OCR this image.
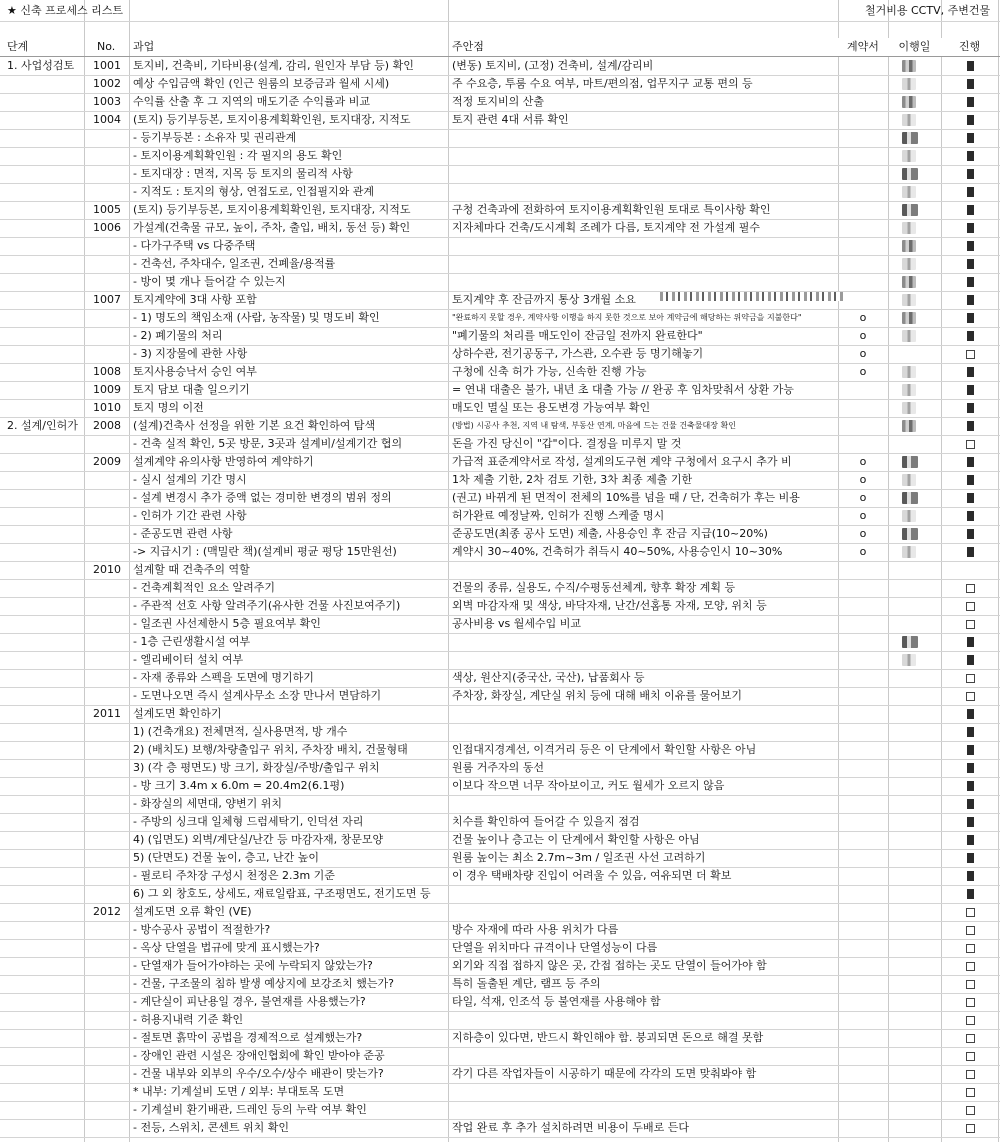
★ 신축 프로세스 리스트	철거비용 CCTV, 주변건물
단계	No.	과업	주안점	계약서	이행일	진행
1. 사업성검토	1001	토지비, 건축비, 기타비용(설계, 감리, 원인자 부담 등) 확인	(변동) 토지비, (고정) 건축비, 설계/감리비
1002	예상 수입금액 확인 (인근 원룸의 보증금과 월세 시세)	주 수요층, 투룸 수요 여부, 마트/편의점, 업무지구 교통 편의 등
1003	수익률 산출 후 그 지역의 매도기준 수익률과 비교	적정 토지비의 산출
1004	(토지) 등기부등본, 토지이용계획확인원, 토지대장, 지적도	토지 관련 4대 서류 확인
- 등기부등본 : 소유자 및 권리관계
- 토지이용계획확인원 : 각 필지의 용도 확인
- 토지대장 : 면적, 지목 등 토지의 물리적 사항
- 지적도 : 토지의 형상, 연접도로, 인접필지와 관계
1005	(토지) 등기부등본, 토지이용계획확인원, 토지대장, 지적도	구청 건축과에 전화하여 토지이용계획확인원 토대로 특이사항 확인
1006	가설계(건축물 규모, 높이, 주차, 출입, 배치, 동선 등) 확인	지자체마다 건축/도시계획 조례가 다름, 토지계약 전 가설계 필수
- 다가구주택 vs 다중주택
- 건축선, 주차대수, 일조권, 건폐율/용적률
- 방이 몇 개나 들어갈 수 있는지
1007	토지계약에 3대 사항 포함	토지계약 후 잔금까지 통상 3개월 소요
- 1) 명도의 책임소재 (사람, 농작물) 및 명도비 확인	"완료하지 못할 경우, 계약사항 이행을 하지 못한 것으로 보아 계약금에 해당하는 위약금을 지불한다"	o
- 2) 폐기물의 처리	"폐기물의 처리를 매도인이 잔금일 전까지 완료한다"	o
- 3) 지장물에 관한 사항	상하수관, 전기공동구, 가스관, 오수관 등 명기해놓기	o
1008	토지사용승낙서 승인 여부	구청에 신축 허가 가능, 신속한 진행 가능	o
1009	토지 담보 대출 일으키기	= 연내 대출은 불가, 내년 초 대출 가능 // 완공 후 임차맞춰서 상환 가능
1010	토지 명의 이전	매도인 멸실 또는 용도변경 가능여부 확인
2. 설계/인허가	2008	(설계)건축사 선정을 위한 기본 요건 확인하여 탐색	(방법) 시공사 추천, 지역 내 탐색, 부동산 연계, 마음에 드는 건물 건축물대장 확인
- 건축 실적 확인, 5곳 방문, 3곳과 설계비/설계기간 협의	돈을 가진 당신이 "갑"이다. 결정을 미루지 말 것
2009	설계계약 유의사항 반영하여 계약하기	가급적 표준계약서로 작성, 설계의도구현 계약 구청에서 요구시 추가 비	o
- 실시 설계의 기간 명시	1차 제출 기한, 2차 검토 기한, 3차 최종 제출 기한	o
- 설계 변경시 추가 증액 없는 경미한 변경의 범위 정의	(권고) 바뀌게 된 면적이 전체의 10%를 넘을 때 / 단, 건축허가 후는 비용	o
- 인허가 기간 관련 사항	허가완료 예정날짜, 인허가 진행 스케줄 명시	o
- 준공도면 관련 사항	준공도면(최종 공사 도면) 제출, 사용승인 후 잔금 지급(10~20%)	o
-> 지급시기 : (맥밀란 책)(설계비 평균 평당 15만원선)	계약시 30~40%, 건축허가 취득시 40~50%, 사용승인시 10~30%	o
2010	설계할 때 건축주의 역할
- 건축계획적인 요소 알려주기	건물의 종류, 실용도, 수직/수평동선체계, 향후 확장 계획 등
- 주관적 선호 사항 알려주기(유사한 건물 사진보여주기)	외벽 마감자재 및 색상, 바닥자재, 난간/선홈통 자재, 모양, 위치 등
- 일조권 사선제한시 5층 필요여부 확인	공사비용 vs 월세수입 비교
- 1층 근린생활시설 여부
- 엘리베이터 설치 여부
- 자재 종류와 스펙을 도면에 명기하기	색상, 원산지(중국산, 국산), 납품회사 등
- 도면나오면 즉시 설계사무소 소장 만나서 면담하기	주차장, 화장실, 계단실 위치 등에 대해 배치 이유를 물어보기
2011	설계도면 확인하기
1) (건축개요) 전체면적, 실사용면적, 방 개수
2) (배치도) 보행/차량출입구 위치, 주차장 배치, 건물형태	인접대지경계선, 이격거리 등은 이 단계에서 확인할 사항은 아님
3) (각 층 평면도) 방 크기, 화장실/주방/출입구 위치	원룸 거주자의 동선
- 방 크기 3.4m x 6.0m = 20.4m2(6.1평)	이보다 작으면 너무 작아보이고, 커도 월세가 오르지 않음
- 화장실의 세면대, 양변기 위치
- 주방의 싱크대 일체형 드럼세탁기, 인덕션 자리	치수를 확인하여 들어갈 수 있을지 점검
4) (입면도) 외벽/계단실/난간 등 마감자재, 창문모양	건물 높이나 층고는 이 단계에서 확인할 사항은 아님
5) (단면도) 건물 높이, 층고, 난간 높이	원룸 높이는 최소 2.7m~3m / 일조권 사선 고려하기
- 필로티 주차장 구성시 천정은 2.3m 기준	이 경우 택배차량 진입이 어려울 수 있음, 여유되면 더 확보
6) 그 외 창호도, 상세도, 재료일람표, 구조평면도, 전기도면 등
2012	설계도면 오류 확인 (VE)
- 방수공사 공법이 적절한가?	방수 자재에 따라 사용 위치가 다름
- 옥상 단열을 법규에 맞게 표시했는가?	단열을 위치마다 규격이나 단열성능이 다름
- 단열재가 들어가야하는 곳에 누락되지 않았는가?	외기와 직접 접하지 않은 곳, 간접 접하는 곳도 단열이 들어가야 함
- 건물, 구조물의 침하 발생 예상지에 보강조치 했는가?	특히 돌출된 계단, 램프 등 주의
- 계단실이 피난용일 경우, 불연재를 사용했는가?	타일, 석재, 인조석 등 불연재를 사용해야 함
- 허용지내력 기준 확인
- 절토면 흙막이 공법을 경제적으로 설계했는가?	지하층이 있다면, 반드시 확인해야 함. 붕괴되면 돈으로 해결 못함
- 장애인 관련 시설은 장애인협회에 확인 받아야 준공
- 건물 내부와 외부의 우수/오수/상수 배관이 맞는가?	각기 다른 작업자들이 시공하기 때문에 각각의 도면 맞춰봐야 함
* 내부: 기계설비 도면 / 외부: 부대토목 도면
- 기계설비 환기배관, 드레인 등의 누락 여부 확인
- 전등, 스위치, 콘센트 위치 확인	작업 완료 후 추가 설치하려면 비용이 두배로 든다
